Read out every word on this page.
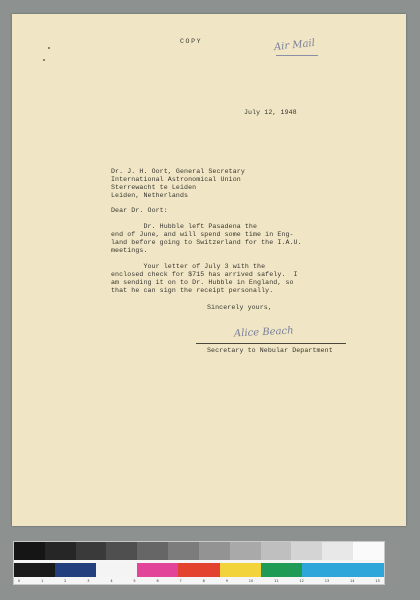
COPY	Air Mail
July 12, 1948
Dr. J. H. Oort, General Secretary
International Astronomical Union
Sterrewacht te Leiden
Leiden, Netherlands
Dear Dr. Oort:
Dr. Hubble left Pasadena the
end of June, and will spend some time in Eng-
land before going to Switzerland for the I.A.U.
meetings.
Your letter of July 3 with the
enclosed check for $715 has arrived safely.  I
am sending it on to Dr. Hubble in England, so
that he can sign the receipt personally.
Sincerely yours,
Alice Beach
Secretary to Nebular Department
0	1	2	3	4	5	6	7	8	9	10	11	12	13	14	15
